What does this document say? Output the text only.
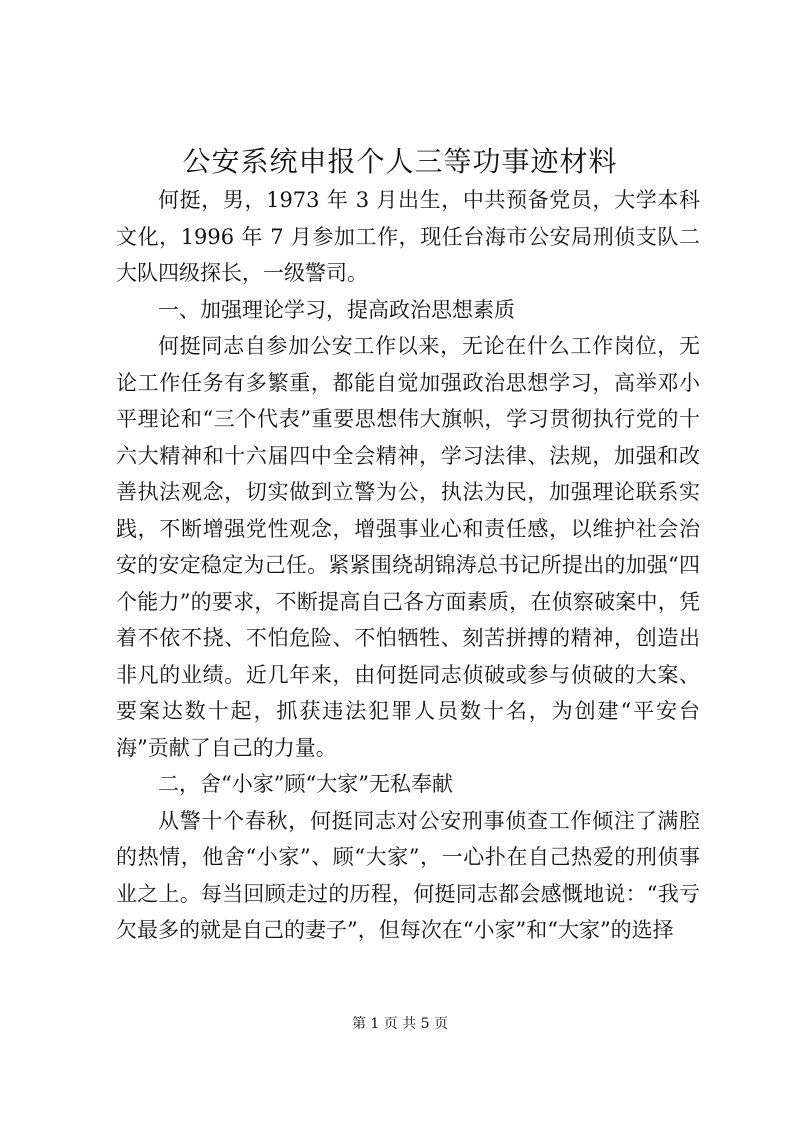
公安系统申报个人三等功事迹材料

何挺，男，1973 年 3 月出生，中共预备党员，大学本科文化，1996 年 7 月参加工作，现任台海市公安局刑侦支队二大队四级探长，一级警司。

一、加强理论学习，提高政治思想素质

何挺同志自参加公安工作以来，无论在什么工作岗位，无论工作任务有多繁重，都能自觉加强政治思想学习，高举邓小平理论和“三个代表”重要思想伟大旗帜，学习贯彻执行党的十六大精神和十六届四中全会精神，学习法律、法规，加强和改善执法观念，切实做到立警为公，执法为民，加强理论联系实践，不断增强党性观念，增强事业心和责任感，以维护社会治安的安定稳定为己任。紧紧围绕胡锦涛总书记所提出的加强“四个能力”的要求，不断提高自己各方面素质，在侦察破案中，凭着不依不挠、不怕危险、不怕牺牲、刻苦拼搏的精神，创造出非凡的业绩。近几年来，由何挺同志侦破或参与侦破的大案、要案达数十起，抓获违法犯罪人员数十名，为创建“平安台海”贡献了自己的力量。

二，舍“小家”顾“大家”无私奉献

从警十个春秋，何挺同志对公安刑事侦查工作倾注了满腔的热情，他舍“小家”、顾“大家”，一心扑在自己热爱的刑侦事业之上。每当回顾走过的历程，何挺同志都会感慨地说：“我亏欠最多的就是自己的妻子”，但每次在“小家”和“大家”的选择

第 1 页 共 5 页
